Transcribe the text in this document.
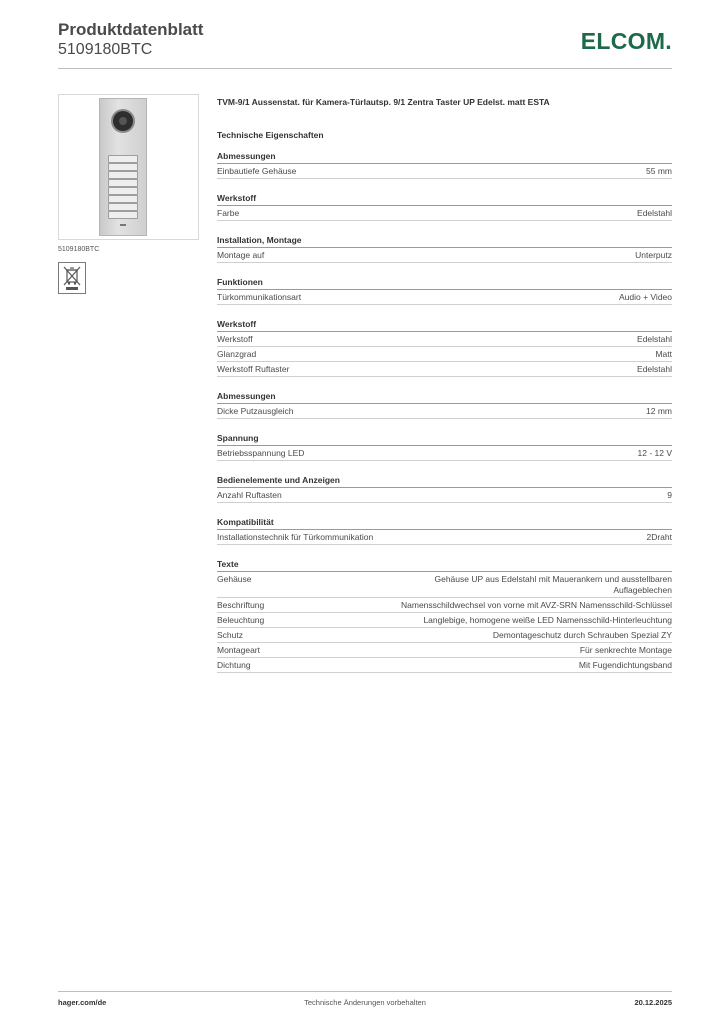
Produktdatenblatt
5109180BTC	ELCOM.
5109180BTC
TVM-9/1 Aussenstat. für Kamera-Türlautsp. 9/1 Zentra Taster UP Edelst. matt ESTA
Technische Eigenschaften
Abmessungen
Einbautiefe Gehäuse	55 mm
Werkstoff
Farbe	Edelstahl
Installation, Montage
Montage auf	Unterputz
Funktionen
Türkommunikationsart	Audio + Video
Werkstoff
Werkstoff	Edelstahl
Glanzgrad	Matt
Werkstoff Ruftaster	Edelstahl
Abmessungen
Dicke Putzausgleich	12 mm
Spannung
Betriebsspannung LED	12 - 12 V
Bedienelemente und Anzeigen
Anzahl Ruftasten	9
Kompatibilität
Installationstechnik für Türkommunikation	2Draht
Texte
Gehäuse	Gehäuse UP aus Edelstahl mit Mauerankern und ausstellbaren Auflageblechen
Beschriftung	Namensschildwechsel von vorne mit AVZ-SRN Namensschild-Schlüssel
Beleuchtung	Langlebige, homogene weiße LED Namensschild-Hinterleuchtung
Schutz	Demontageschutz durch Schrauben Spezial ZY
Montageart	Für senkrechte Montage
Dichtung	Mit Fugendichtungsband
hager.com/de	Technische Änderungen vorbehalten	20.12.2025
